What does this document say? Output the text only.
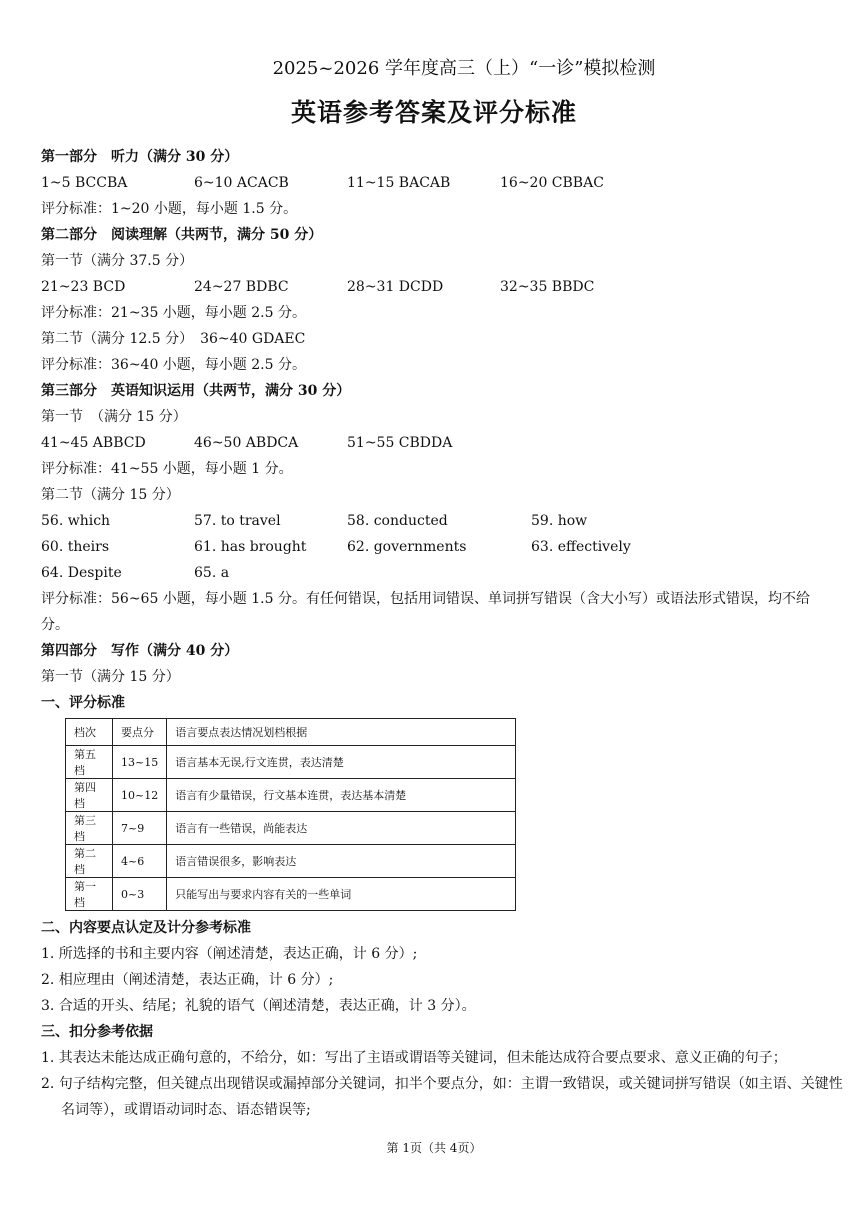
2025~2026 学年度高三（上）“一诊”模拟检测
英语参考答案及评分标准
第一部分　听力（满分 30 分）
1~5 BCCBA	6~10 ACACB	11~15 BACAB	16~20 CBBAC
评分标准：1~20 小题，每小题 1.5 分。
第二部分　阅读理解（共两节，满分 50 分）
第一节（满分 37.5 分）
21~23 BCD	24~27 BDBC	28~31 DCDD	32~35 BBDC
评分标准：21~35 小题，每小题 2.5 分。
第二节（满分 12.5 分）　36~40 GDAEC
评分标准：36~40 小题，每小题 2.5 分。
第三部分　英语知识运用（共两节，满分 30 分）
第一节　（满分 15 分）
41~45 ABBCD	46~50 ABDCA	51~55 CBDDA
评分标准：41~55 小题，每小题 1 分。
第二节（满分 15 分）
56. which	57. to travel	58. conducted	59. how
60. theirs	61. has brought	62. governments	63. effectively
64. Despite	65. a
评分标准：56~65 小题，每小题 1.5 分。有任何错误，包括用词错误、单词拼写错误（含大小写）或语法形式错误，均不给分。
第四部分　写作（满分 40 分）
第一节（满分 15 分）
一、评分标准
档次	要点分	语言要点表达情况划档根据
第五档	13~15	语言基本无误,行文连贯，表达清楚
第四档	10~12	语言有少量错误，行文基本连贯，表达基本清楚
第三档	7~9	语言有一些错误，尚能表达
第二档	4~6	语言错误很多，影响表达
第一档	0~3	只能写出与要求内容有关的一些单词
二、内容要点认定及计分参考标准
1. 所选择的书和主要内容（阐述清楚，表达正确，计 6 分）;
2. 相应理由（阐述清楚，表达正确，计 6 分）;
3. 合适的开头、结尾；礼貌的语气（阐述清楚，表达正确，计 3 分）。
三、扣分参考依据
1. 其表达未能达成正确句意的，不给分，如：写出了主语或谓语等关键词，但未能达成符合要点要求、意义正确的句子；
2. 句子结构完整，但关键点出现错误或漏掉部分关键词，扣半个要点分，如：主谓一致错误，或关键词拼写错误（如主语、关键性名词等），或谓语动词时态、语态错误等;
第 1页（共 4页）
